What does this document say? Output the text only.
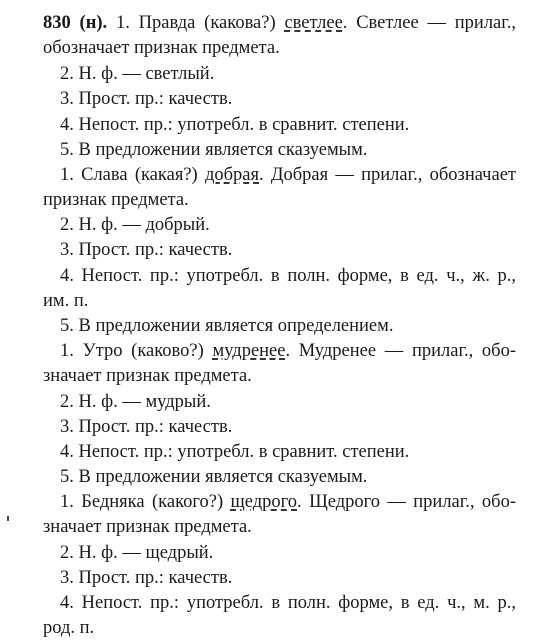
830 (н). 1. Правда (какова?) светлее. Светлее — прилаг.,
обозначает признак предмета.
2. Н. ф. — светлый.
3. Прост. пр.: качеств.
4. Непост. пр.: употребл. в сравнит. степени.
5. В предложении является сказуемым.
1. Слава (какая?) добрая. Добрая — прилаг., обозначает
признак предмета.
2. Н. ф. — добрый.
3. Прост. пр.: качеств.
4. Непост. пр.: употребл. в полн. форме, в ед. ч., ж. р.,
им. п.
5. В предложении является определением.
1. Утро (каково?) мудренее. Мудренее — прилаг., обо-
значает признак предмета.
2. Н. ф. — мудрый.
3. Прост. пр.: качеств.
4. Непост. пр.: употребл. в сравнит. степени.
5. В предложении является сказуемым.
1. Бедняка (какого?) щедрого. Щедрого — прилаг., обо-
значает признак предмета.
2. Н. ф. — щедрый.
3. Прост. пр.: качеств.
4. Непост. пр.: употребл. в полн. форме, в ед. ч., м. р.,
род. п.
